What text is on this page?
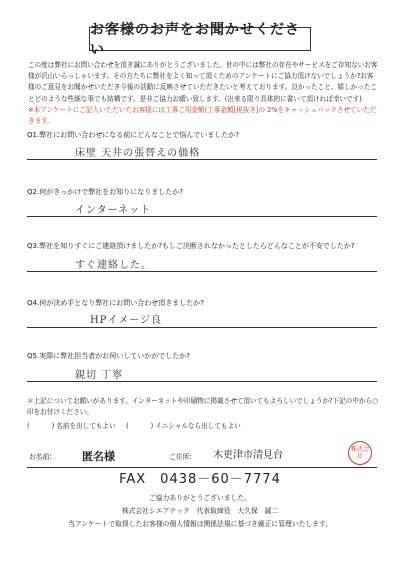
お客様のお声をお聞かせください

この度は弊社にお問い合わせを頂き誠にありがとうございました。世の中には弊社の存在やサービスをご存知ないお客様が沢山いらっしゃいます。その方たちに弊社をよく知って頂くためのアンケートにご協力頂けないでしょうか?お客様のご意見をお聞かせいただき今後の活動に反映させていただきたいと考えております。良かったこと、嬉しかったことどのような些細な事でも結構です。是非ご協力お願い致します。(出来る限り具体的に書いて頂ければ幸いです)

※本アンケートにご記入いただいたお客様には工事ご用金額(工事金額[税抜き]の 2%をキャッシュバックさせていただきます。

Q1.弊社にお問い合わせになる前にどんなことで悩んでいましたか?
床壁 天井の張替えの価格
Q2.何がきっかけで弊社をお知りになりましたか?
インターネット
Q3.弊社を知りすぐにご連絡頂けましたか?もしご決断されなかったとしたらどんなことが不安でしたか?
すぐ連絡した。
Q4.何が決め手となり弊社にお問い合わせ頂きましたか?
HPイメージ良
Q5.実際に弊社担当者がお伺いしていかがでしたか?
親切 丁寧
＊上記についてお願いがあります。インターネットや印刷物に掲載させて頂いてもよろしいでしょうか?下記の中から○印をお付けください。
(	) 名前を出してもよい (	) イニシャルなら出してもよい
お名前:	匿名様	ご住所: 木更津市清見台
株式会社
FAX　0438－60－7774
ご協力ありがとうございました。
株式会社シエアテック　代表取締役　大久保　誠二
当アンケートで取得したお客様の個人情報は関係法規に基づき厳正に管理いたします。
